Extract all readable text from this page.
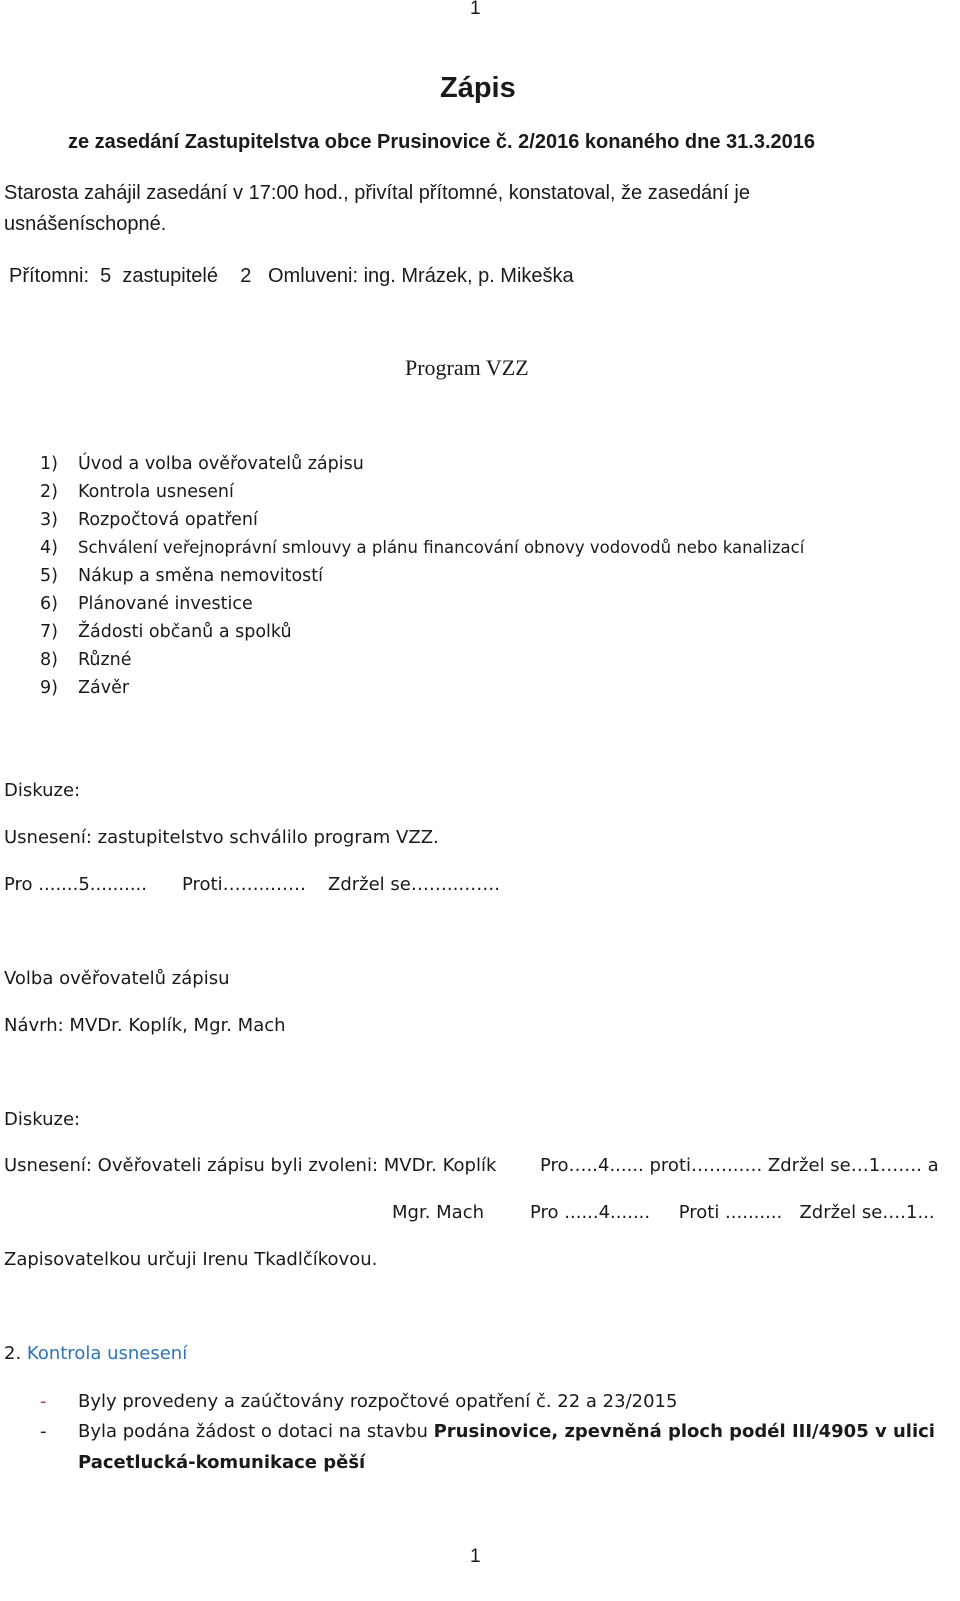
1
Zápis
ze zasedání Zastupitelstva obce Prusinovice č. 2/2016 konaného dne 31.3.2016
Starosta zahájil zasedání v 17:00 hod., přivítal přítomné, konstatoval, že zasedání je
usnášeníschopné.
Přítomni:  5  zastupitelé    2   Omluveni: ing. Mrázek, p. Mikeška
Program VZZ
1) Úvod a volba ověřovatelů zápisu
2) Kontrola usnesení
3) Rozpočtová opatření
4) Schválení veřejnoprávní smlouvy a plánu financování obnovy vodovodů nebo kanalizací
5) Nákup a směna nemovitostí
6) Plánované investice
7) Žádosti občanů a spolků
8) Různé
9) Závěr
Diskuze:
Usnesení: zastupitelstvo schválilo program VZZ.
Pro .......5.......... Proti……..…… Zdržel se……..…….
Volba ověřovatelů zápisu
Návrh: MVDr. Koplík, Mgr. Mach
Diskuze:
Usnesení: Ověřovateli zápisu byli zvoleni: MVDr. Koplík Pro…..4...... proti……..…. Zdržel se…1……. a
Mgr. Mach	Pro ......4.......     Proti ..........   Zdržel se….1...
Zapisovatelkou určuji Irenu Tkadlčíkovou.
2. Kontrola usnesení
- Byly provedeny a zaúčtovány rozpočtové opatření č. 22 a 23/2015
- Byla podána žádost o dotaci na stavbu Prusinovice, zpevněná ploch podél III/4905 v ulici
Pacetlucká-komunikace pěší
1
